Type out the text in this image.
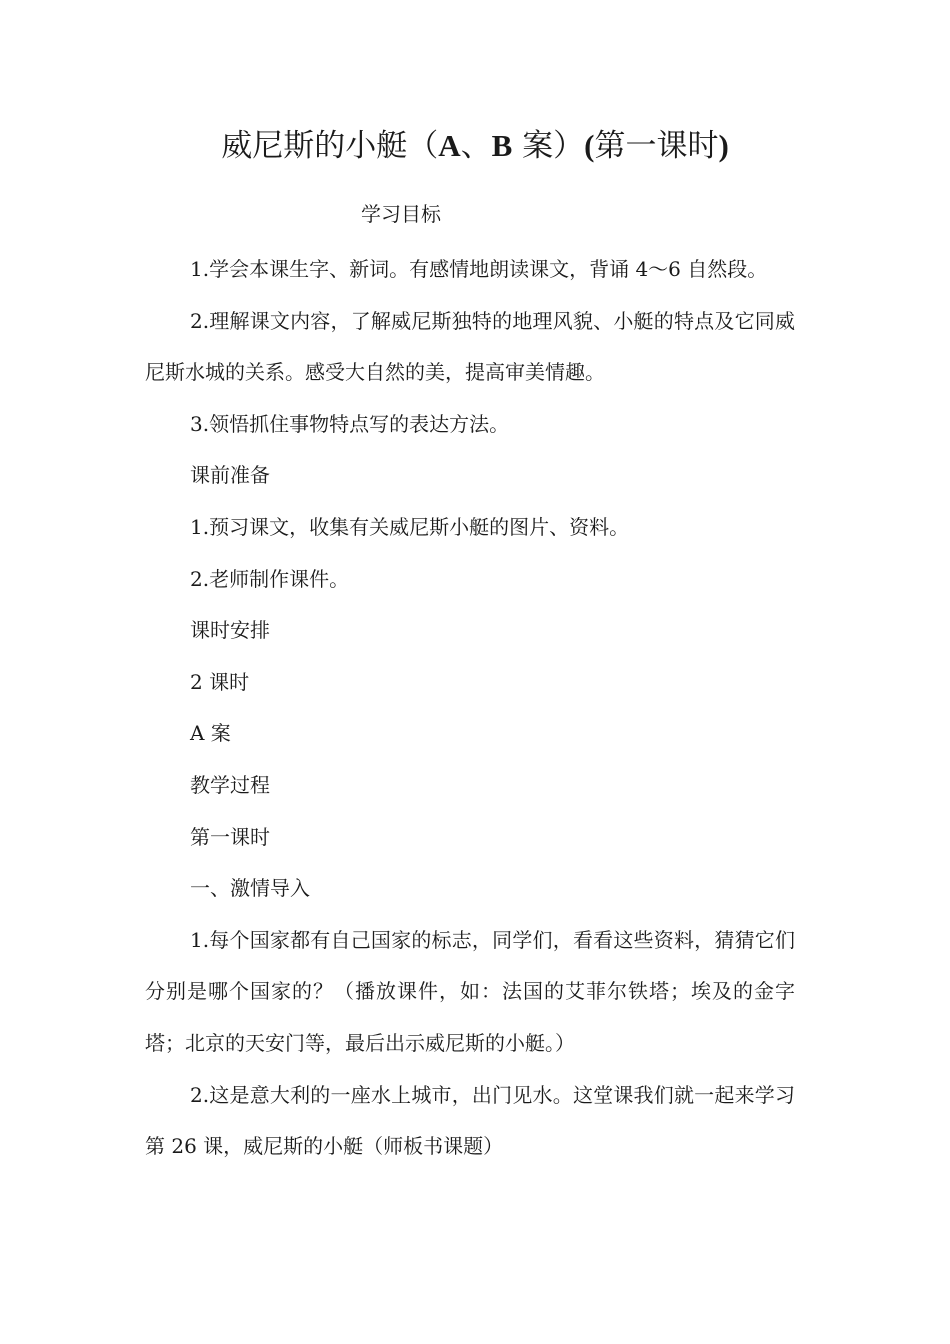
威尼斯的小艇（A、B 案）(第一课时)
学习目标

1.学会本课生字、新词。有感情地朗读课文，背诵 4～6 自然段。

2.理解课文内容，了解威尼斯独特的地理风貌、小艇的特点及它同威尼斯水城的关系。感受大自然的美，提高审美情趣。

3.领悟抓住事物特点写的表达方法。

课前准备

1.预习课文，收集有关威尼斯小艇的图片、资料。

2.老师制作课件。

课时安排

2 课时

A 案

教学过程

第一课时

一、激情导入

1.每个国家都有自己国家的标志，同学们，看看这些资料，猜猜它们分别是哪个国家的？（播放课件，如：法国的艾菲尔铁塔；埃及的金字塔；北京的天安门等，最后出示威尼斯的小艇。）

2.这是意大利的一座水上城市，出门见水。这堂课我们就一起来学习第 26 课，威尼斯的小艇（师板书课题）
